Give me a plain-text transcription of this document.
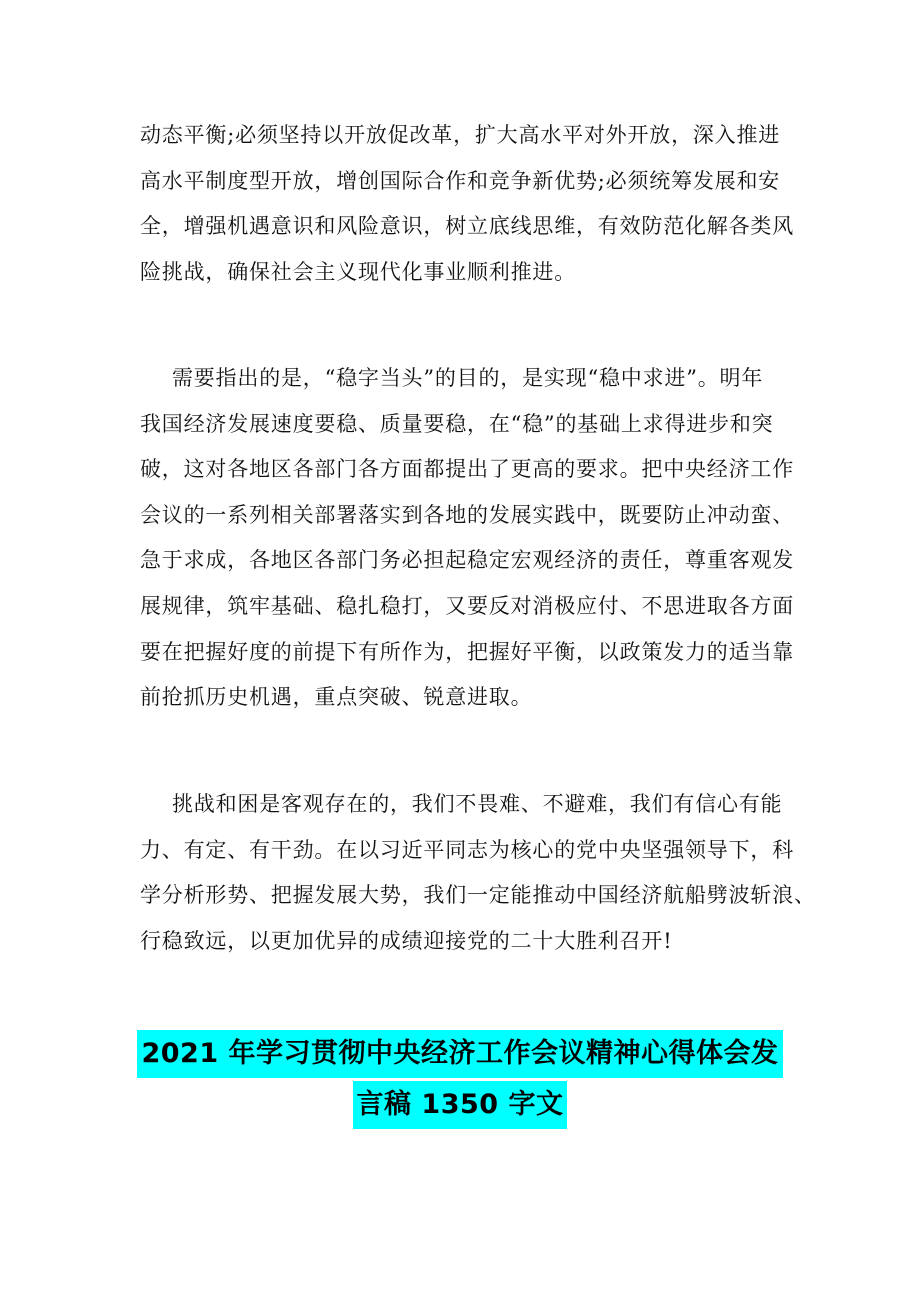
动态平衡;必须坚持以开放促改革，扩大高水平对外开放，深入推进
高水平制度型开放，增创国际合作和竞争新优势;必须统筹发展和安
全，增强机遇意识和风险意识，树立底线思维，有效防范化解各类风
险挑战，确保社会主义现代化事业顺利推进。
需要指出的是，“稳字当头”的目的，是实现“稳中求进”。明年
我国经济发展速度要稳、质量要稳，在“稳”的基础上求得进步和突
破，这对各地区各部门各方面都提出了更高的要求。把中央经济工作
会议的一系列相关部署落实到各地的发展实践中，既要防止冲动蛮、
急于求成，各地区各部门务必担起稳定宏观经济的责任，尊重客观发
展规律，筑牢基础、稳扎稳打，又要反对消极应付、不思进取各方面
要在把握好度的前提下有所作为，把握好平衡，以政策发力的适当靠
前抢抓历史机遇，重点突破、锐意进取。
挑战和困是客观存在的，我们不畏难、不避难，我们有信心有能
力、有定、有干劲。在以习近平同志为核心的党中央坚强领导下，科
学分析形势、把握发展大势，我们一定能推动中国经济航船劈波斩浪、
行稳致远，以更加优异的成绩迎接党的二十大胜利召开!
2021 年学习贯彻中央经济工作会议精神心得体会发
言稿 1350 字文
